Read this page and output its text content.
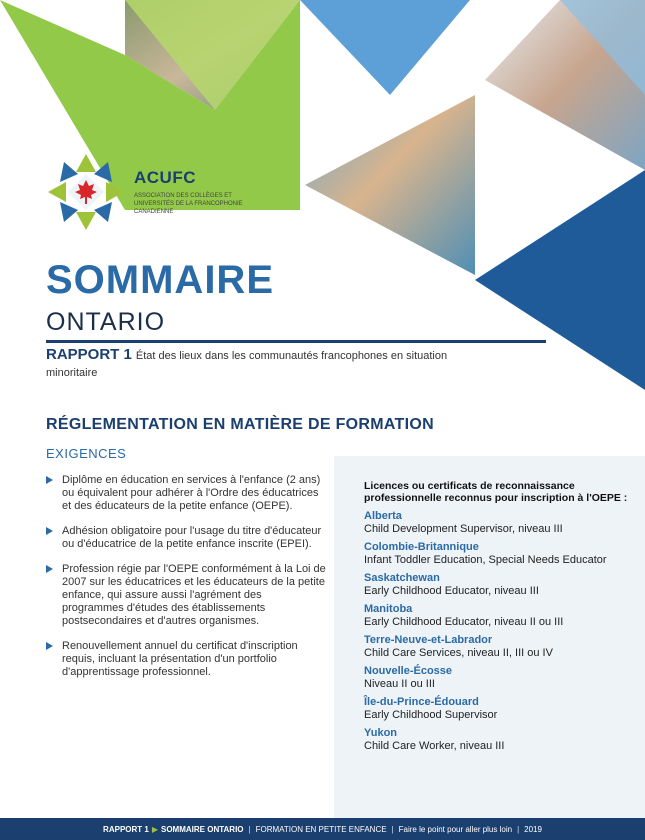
ACUFC
ASSOCIATION DES COLLÈGES ET UNIVERSITÉS DE LA FRANCOPHONIE CANADIENNE
SOMMAIRE
ONTARIO
RAPPORT 1 État des lieux dans les communautés francophones en situation minoritaire
RÉGLEMENTATION EN MATIÈRE DE FORMATION
EXIGENCES
Diplôme en éducation en services à l'enfance (2 ans) ou équivalent pour adhérer à l'Ordre des éducatrices et des éducateurs de la petite enfance (OEPE).
Adhésion obligatoire pour l'usage du titre d'éducateur ou d'éducatrice de la petite enfance inscrite (EPEI).
Profession régie par l'OEPE conformément à la Loi de 2007 sur les éducatrices et les éducateurs de la petite enfance, qui assure aussi l'agrément des programmes d'études des établissements postsecondaires et d'autres organismes.
Renouvellement annuel du certificat d'inscription requis, incluant la présentation d'un portfolio d'apprentissage professionnel.
Licences ou certificats de reconnaissance professionnelle reconnus pour inscription à l'OEPE :
Alberta
Child Development Supervisor, niveau III
Colombie-Britannique
Infant Toddler Education, Special Needs Educator
Saskatchewan
Early Childhood Educator, niveau III
Manitoba
Early Childhood Educator, niveau II ou III
Terre-Neuve-et-Labrador
Child Care Services, niveau II, III ou IV
Nouvelle-Écosse
Niveau II ou III
Île-du-Prince-Édouard
Early Childhood Supervisor
Yukon
Child Care Worker, niveau III
RAPPORT 1 ▶ SOMMAIRE ONTARIO | FORMATION EN PETITE ENFANCE | Faire le point pour aller plus loin | 2019
